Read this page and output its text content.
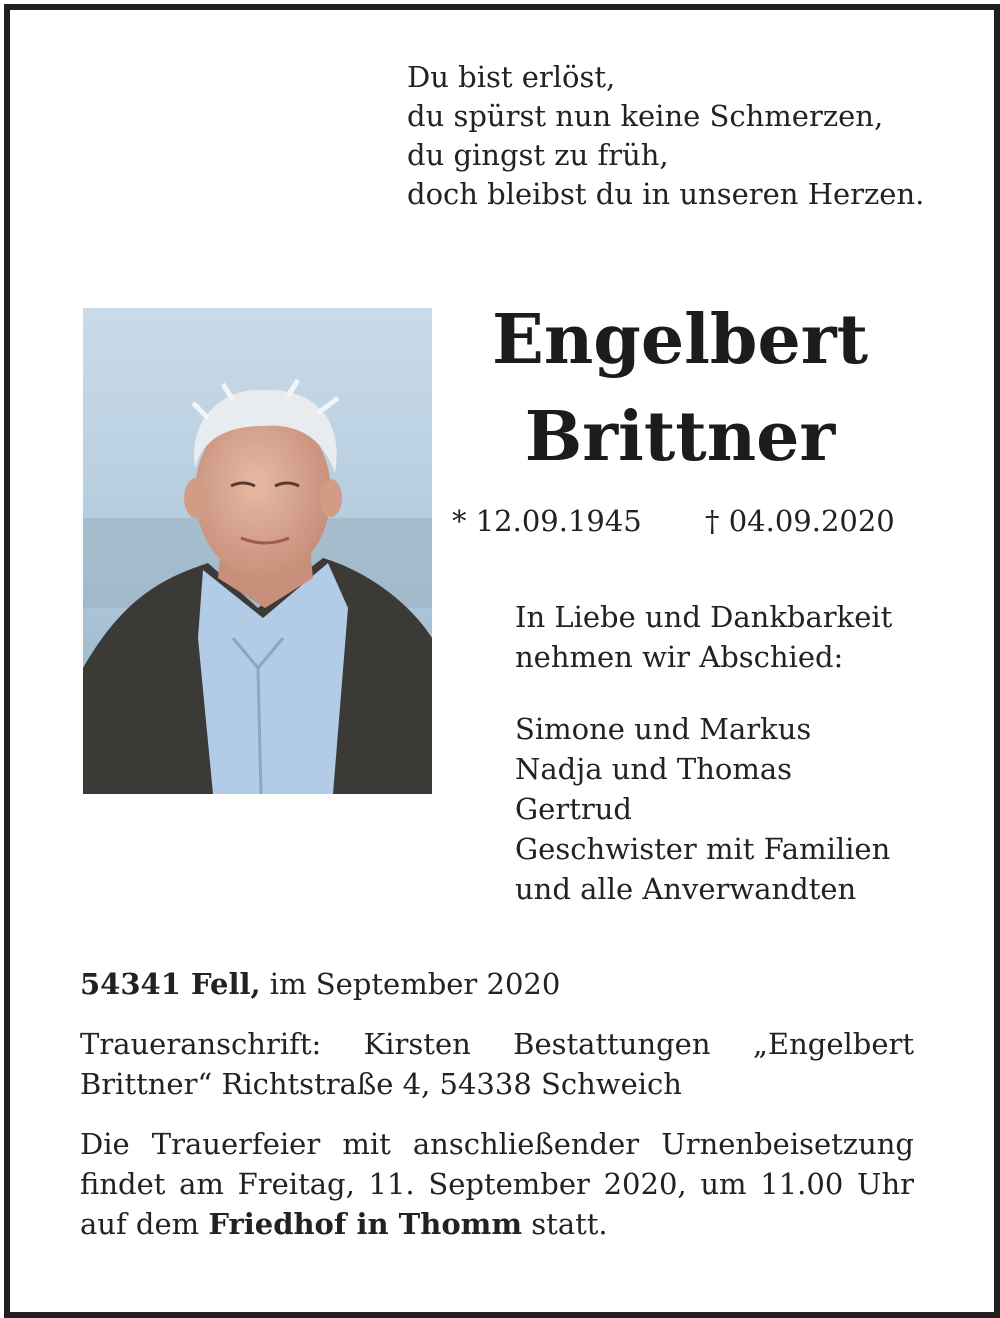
Du bist erlöst,
du spürst nun keine Schmerzen,
du gingst zu früh,
doch bleibst du in unseren Herzen.
Engelbert
Brittner
* 12.09.1945 † 04.09.2020
In Liebe und Dankbarkeit
nehmen wir Abschied:
Simone und Markus
Nadja und Thomas
Gertrud
Geschwister mit Familien
und alle Anverwandten
54341 Fell, im September 2020
Traueranschrift: Kirsten Bestattungen „Engelbert
Brittner“ Richtstraße 4, 54338 Schweich
Die Trauerfeier mit anschließender Urnenbeisetzung
findet am Freitag, 11. September 2020, um 11.00 Uhr
auf dem Friedhof in Thomm statt.
